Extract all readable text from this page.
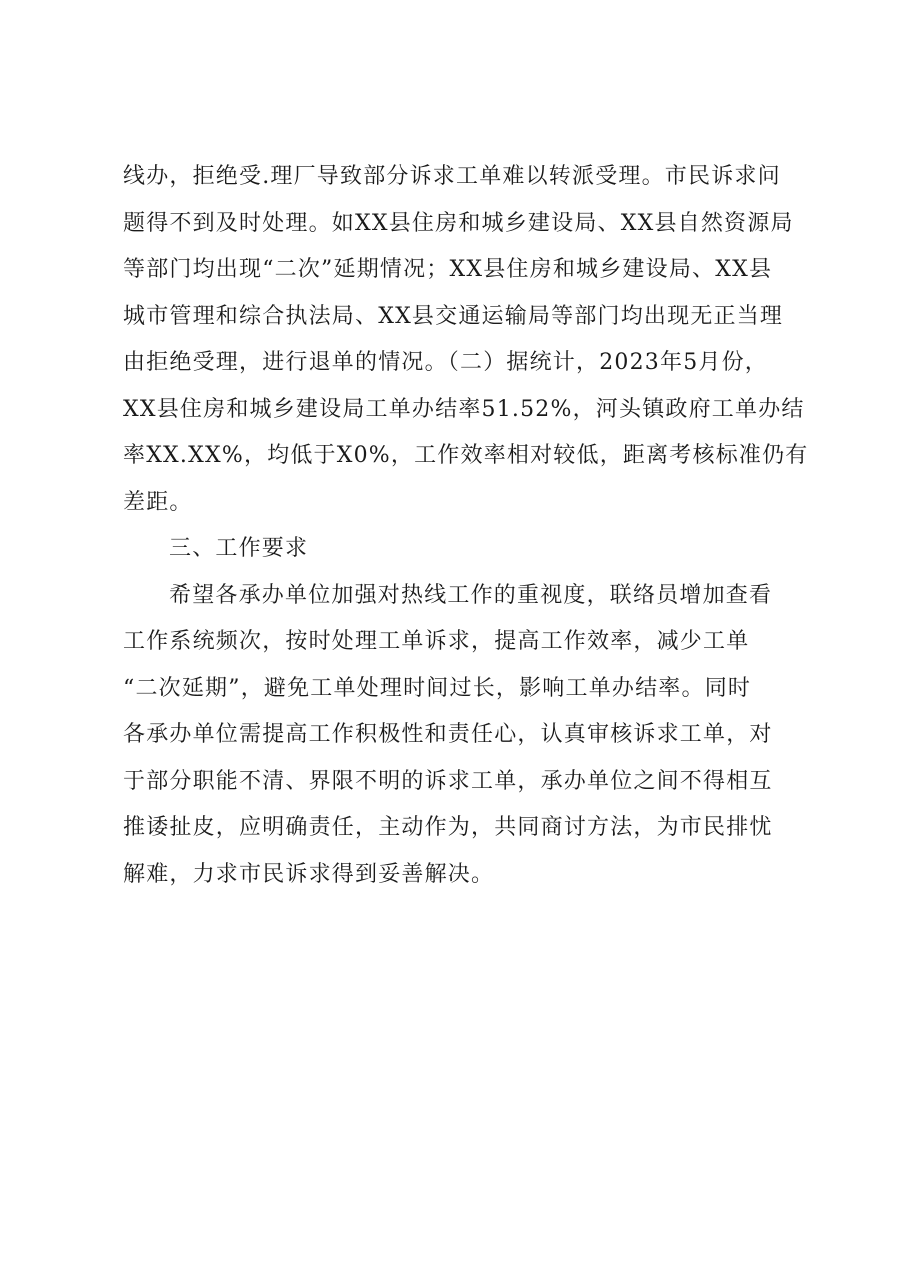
线办，拒绝受.理厂导致部分诉求工单难以转派受理。市民诉求问
题得不到及时处理。如XX县住房和城乡建设局、XX县自然资源局
等部门均出现“二次”延期情况；XX县住房和城乡建设局、XX县
城市管理和综合执法局、XX县交通运输局等部门均出现无正当理
由拒绝受理，进行退单的情况。（二）据统计，2023年5月份，
XX县住房和城乡建设局工单办结率51.52%，河头镇政府工单办结
率XX.XX%，均低于X0%，工作效率相对较低，距离考核标准仍有
差距。
三、工作要求
希望各承办单位加强对热线工作的重视度，联络员增加查看
工作系统频次，按时处理工单诉求，提高工作效率，减少工单
“二次延期”，避免工单处理时间过长，影响工单办结率。同时
各承办单位需提高工作积极性和责任心，认真审核诉求工单，对
于部分职能不清、界限不明的诉求工单，承办单位之间不得相互
推诿扯皮，应明确责任，主动作为，共同商讨方法，为市民排忧
解难，力求市民诉求得到妥善解决。
